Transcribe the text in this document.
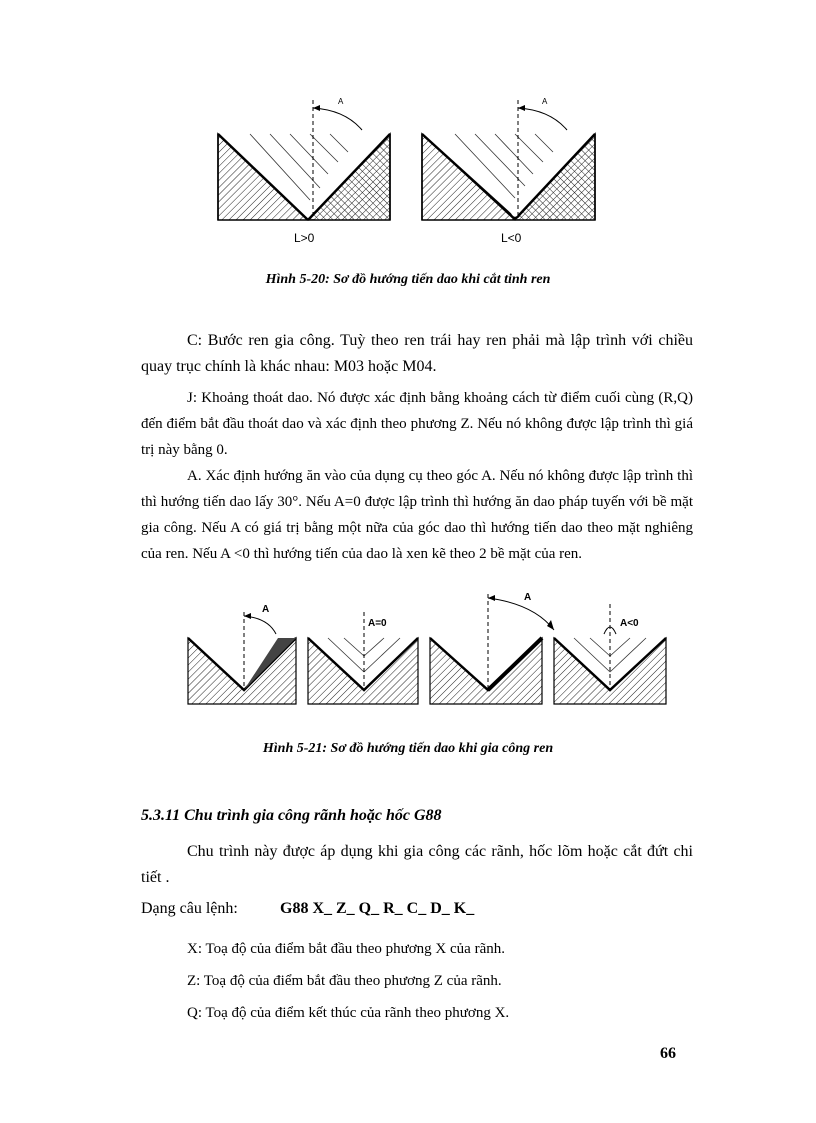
A
L>0
A
L<0
Hình 5-20: Sơ đồ hướng tiến dao khi cắt tinh ren
C: Bước ren gia công. Tuỳ theo ren trái hay ren phải mà lập trình với chiều quay trục chính là khác nhau: M03 hoặc M04.
J: Khoảng thoát dao. Nó được xác định bằng khoảng cách từ điểm cuối cùng (R,Q) đến điểm bắt đầu thoát dao và xác định theo phương Z. Nếu nó không được lập trình thì giá trị này bằng 0.
A. Xác định hướng ăn vào của dụng cụ theo góc A. Nếu nó không được lập trình thì thì hướng tiến dao lấy 30°. Nếu A=0 được lập trình thì hướng ăn dao pháp tuyến với bề mặt gia công. Nếu A có giá trị bằng một nữa của góc dao thì hướng tiến dao theo mặt nghiêng của ren. Nếu A <0 thì hướng tiến của dao là xen kẽ theo 2 bề mặt của ren.
A
A=0
A
A<0
Hình 5-21: Sơ đồ hướng tiến dao khi gia công ren
5.3.11 Chu trình gia công rãnh hoặc hốc G88
Chu trình này được áp dụng khi gia công các rãnh, hốc lõm hoặc cắt đứt chi tiết .
Dạng câu lệnh:	G88 X_ Z_ Q_ R_ C_ D_ K_
X: Toạ độ của điểm bắt đầu theo phương X của rãnh.
Z: Toạ độ của điểm bắt đầu theo phương Z của rãnh.
Q: Toạ độ của điểm kết thúc của rãnh theo phương X.
66
